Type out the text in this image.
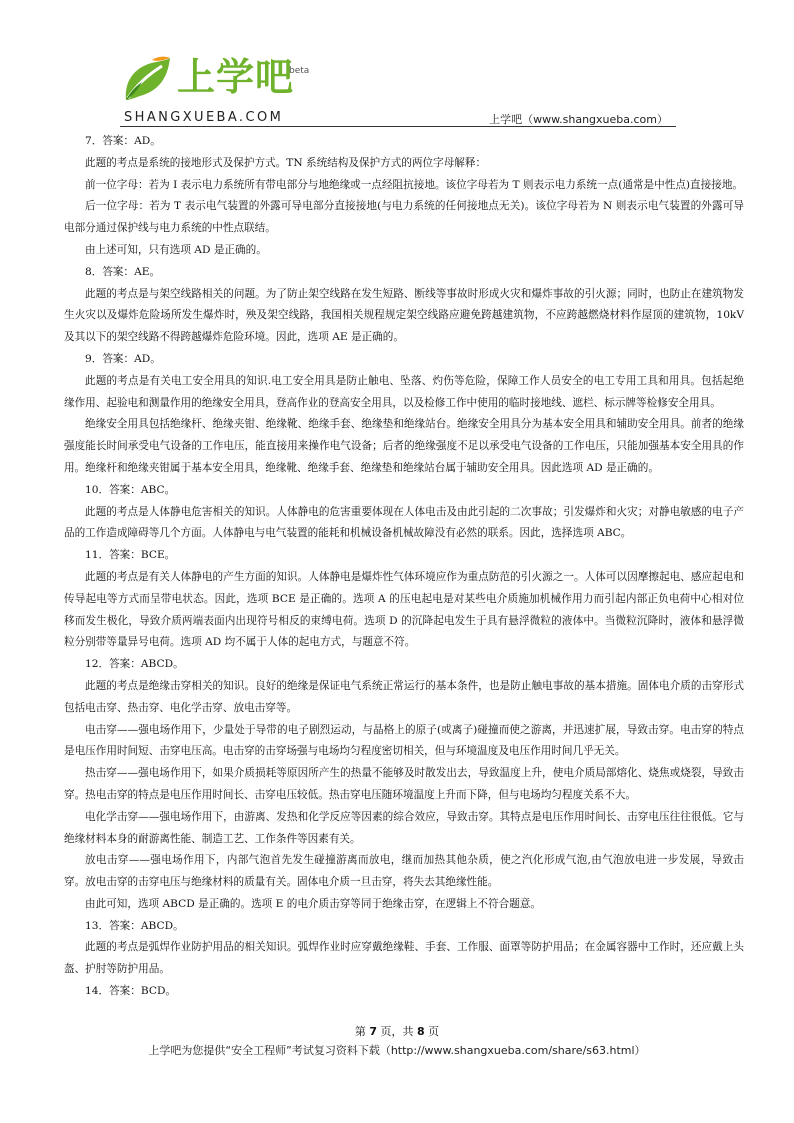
上学吧
beta
SHANGXUEBA.COM	上学吧（www.shangxueba.com）

7．答案：AD。

此题的考点是系统的接地形式及保护方式。TN 系统结构及保护方式的两位字母解释：

前一位字母：若为 I 表示电力系统所有带电部分与地绝缘或一点经阻抗接地。该位字母若为 T 则表示电力系统一点(通常是中性点)直接接地。

后一位字母：若为 T 表示电气装置的外露可导电部分直接接地(与电力系统的任何接地点无关)。该位字母若为 N 则表示电气装置的外露可导电部分通过保护线与电力系统的中性点联结。

由上述可知，只有选项 AD 是正确的。

8．答案：AE。

此题的考点是与架空线路相关的问题。为了防止架空线路在发生短路、断线等事故时形成火灾和爆炸事故的引火源；同时，也防止在建筑物发生火灾以及爆炸危险场所发生爆炸时，殃及架空线路，我国相关规程规定架空线路应避免跨越建筑物，不应跨越燃烧材料作屋顶的建筑物，10kV 及其以下的架空线路不得跨越爆炸危险环境。因此，选项 AE 是正确的。

9．答案：AD。

此题的考点是有关电工安全用具的知识.电工安全用具是防止触电、坠落、灼伤等危险，保障工作人员安全的电工专用工具和用具。包括起绝缘作用、起验电和测量作用的绝缘安全用具，登高作业的登高安全用具，以及检修工作中使用的临时接地线、遮栏、标示牌等检修安全用具。

绝缘安全用具包括绝缘杆、绝缘夹钳、绝缘靴、绝缘手套、绝缘垫和绝缘站台。绝缘安全用具分为基本安全用具和辅助安全用具。前者的绝缘强度能长时间承受电气设备的工作电压，能直接用来操作电气设备；后者的绝缘强度不足以承受电气设备的工作电压，只能加强基本安全用具的作用。绝缘杆和绝缘夹钳属于基本安全用具，绝缘靴、绝缘手套、绝缘垫和绝缘站台属于辅助安全用具。因此选项 AD 是正确的。

10．答案：ABC。

此题的考点是人体静电危害相关的知识。人体静电的危害重要体现在人体电击及由此引起的二次事故；引发爆炸和火灾；对静电敏感的电子产品的工作造成障碍等几个方面。人体静电与电气装置的能耗和机械设备机械故障没有必然的联系。因此，选择选项 ABC。

11．答案：BCE。

此题的考点是有关人体静电的产生方面的知识。人体静电是爆炸性气体环境应作为重点防范的引火源之一。人体可以因摩擦起电、感应起电和传导起电等方式而呈带电状态。因此，选项 BCE 是正确的。选项 A 的压电起电是对某些电介质施加机械作用力而引起内部正负电荷中心相对位移而发生极化，导致介质两端表面内出现符号相反的束缚电荷。选项 D 的沉降起电发生于具有悬浮微粒的液体中。当微粒沉降时，液体和悬浮微粒分别带等量异号电荷。选项 AD 均不属于人体的起电方式，与题意不符。

12．答案：ABCD。

此题的考点是绝缘击穿相关的知识。良好的绝缘是保证电气系统正常运行的基本条件，也是防止触电事故的基本措施。固体电介质的击穿形式包括电击穿、热击穿、电化学击穿、放电击穿等。

电击穿——强电场作用下，少量处于导带的电子剧烈运动，与晶格上的原子(或离子)碰撞而使之游离，并迅速扩展，导致击穿。电击穿的特点是电压作用时间短、击穿电压高。电击穿的击穿场强与电场均匀程度密切相关，但与环境温度及电压作用时间几乎无关。

热击穿——强电场作用下，如果介质损耗等原因所产生的热量不能够及时散发出去，导致温度上升，使电介质局部熔化、烧焦或烧裂，导致击穿。热电击穿的特点是电压作用时间长、击穿电压较低。热击穿电压随环境温度上升而下降，但与电场均匀程度关系不大。

电化学击穿——强电场作用下，由游离、发热和化学反应等因素的综合效应，导致击穿。其特点是电压作用时间长、击穿电压往往很低。它与绝缘材料本身的耐游离性能、制造工艺、工作条件等因素有关。

放电击穿——强电场作用下，内部气泡首先发生碰撞游离而放电，继而加热其他杂质，使之汽化形成气泡,由气泡放电进一步发展，导致击穿。放电击穿的击穿电压与绝缘材料的质量有关。固体电介质一旦击穿，将失去其绝缘性能。

由此可知，选项 ABCD 是正确的。选项 E 的电介质击穿等同于绝缘击穿，在逻辑上不符合题意。

13．答案：ABCD。

此题的考点是弧焊作业防护用品的相关知识。弧焊作业时应穿戴绝缘鞋、手套、工作服、面罩等防护用品；在金属容器中工作时，还应戴上头盔、护肘等防护用品。

14．答案：BCD。

第 7 页，共 8 页
上学吧为您提供“安全工程师”考试复习资料下载（http://www.shangxueba.com/share/s63.html）
